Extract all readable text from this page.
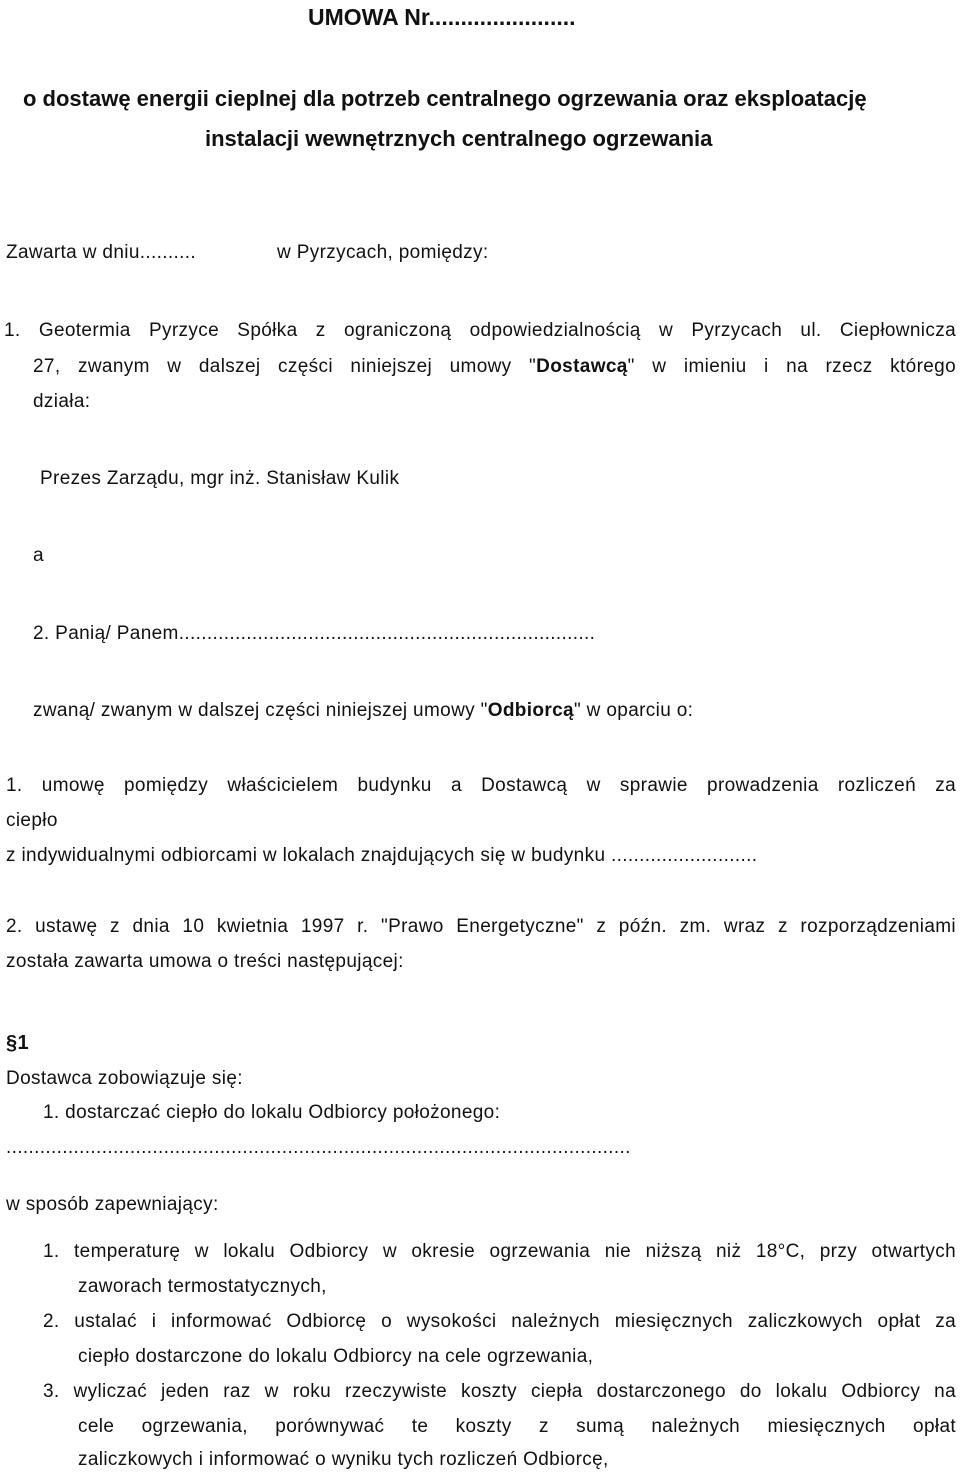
UMOWA Nr.......................
o dostawę energii cieplnej dla potrzeb centralnego ogrzewania oraz eksploatację
instalacji wewnętrznych centralnego ogrzewania
Zawarta w dniu..........	w Pyrzycach, pomiędzy:
1. Geotermia Pyrzyce Spółka z ograniczoną odpowiedzialnością w Pyrzycach ul. Ciepłownicza
27, zwanym w dalszej części niniejszej umowy "Dostawcą" w imieniu i na rzecz którego
działa:
Prezes Zarządu, mgr inż. Stanisław Kulik
a
2. Panią/ Panem..........................................................................
zwaną/ zwanym w dalszej części niniejszej umowy "Odbiorcą" w oparciu o:
1. umowę pomiędzy właścicielem budynku a Dostawcą w sprawie prowadzenia rozliczeń za
ciepło
z indywidualnymi odbiorcami w lokalach znajdujących się w budynku ..........................
2. ustawę z dnia 10 kwietnia 1997 r. "Prawo Energetyczne" z późn. zm. wraz z rozporządzeniami
została zawarta umowa o treści następującej:
§1
Dostawca zobowiązuje się:
1. dostarczać ciepło do lokalu Odbiorcy położonego:
...............................................................................................................
w sposób zapewniający:
1. temperaturę w lokalu Odbiorcy w okresie ogrzewania nie niższą niż 18°C, przy otwartych
zaworach termostatycznych,
2. ustalać i informować Odbiorcę o wysokości należnych miesięcznych zaliczkowych opłat za
ciepło dostarczone do lokalu Odbiorcy na cele ogrzewania,
3. wyliczać jeden raz w roku rzeczywiste koszty ciepła dostarczonego do lokalu Odbiorcy na
cele ogrzewania, porównywać te koszty z sumą należnych miesięcznych opłat
zaliczkowych i informować o wyniku tych rozliczeń Odbiorcę,
